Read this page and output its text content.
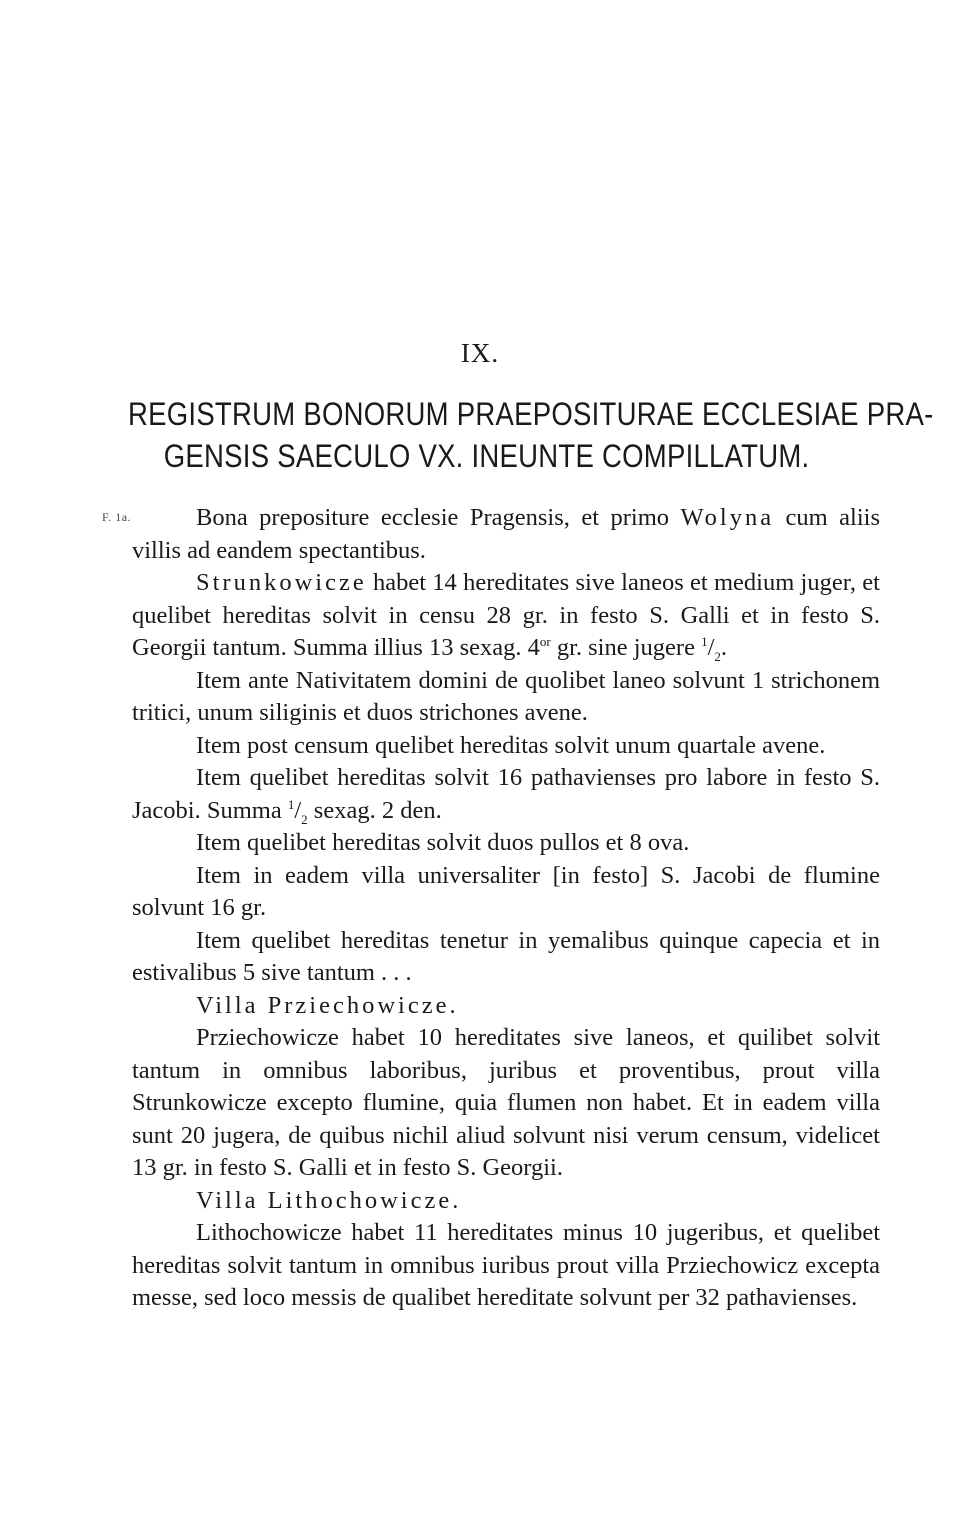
IX.
REGISTRUM BONORUM PRAEPOSITURAE ECCLESIAE PRA-
GENSIS SAECULO VX. INEUNTE COMPILLATUM.
F. 1a.	Bona prepositure ecclesie Pragensis, et primo Wolyna cum aliis villis ad eandem spectantibus.

Strunkowicze habet 14 hereditates sive laneos et medium juger, et quelibet hereditas solvit in censu 28 gr. in festo S. Galli et in festo S. Georgii tantum. Summa illius 13 sexag. $4^{or}$ gr. sine jugere $^1/_2$.

Item ante Nativitatem domini de quolibet laneo solvunt 1 strichonem tritici, unum siliginis et duos strichones avene.

Item post censum quelibet hereditas solvit unum quartale avene.

Item quelibet hereditas solvit 16 pathavienses pro labore in festo S. Jacobi. Summa $^1/_2$ sexag. 2 den.

Item quelibet hereditas solvit duos pullos et 8 ova.

Item in eadem villa universaliter [in festo] S. Jacobi de flumine solvunt 16 gr.

Item quelibet hereditas tenetur in yemalibus quinque capecia et in estivalibus 5 sive tantum . . .

Villa Prziechowicze.

Prziechowicze habet 10 hereditates sive laneos, et quilibet solvit tantum in omnibus laboribus, juribus et proventibus, prout villa Strunkowicze excepto flumine, quia flumen non habet. Et in eadem villa sunt 20 jugera, de quibus nichil aliud solvunt nisi verum censum, videlicet 13 gr. in festo S. Galli et in festo S. Georgii.

Villa Lithochowicze.

Lithochowicze habet 11 hereditates minus 10 jugeribus, et quelibet hereditas solvit tantum in omnibus iuribus prout villa Prziechowicz excepta messe, sed loco messis de qualibet hereditate solvunt per 32 pathavienses.
